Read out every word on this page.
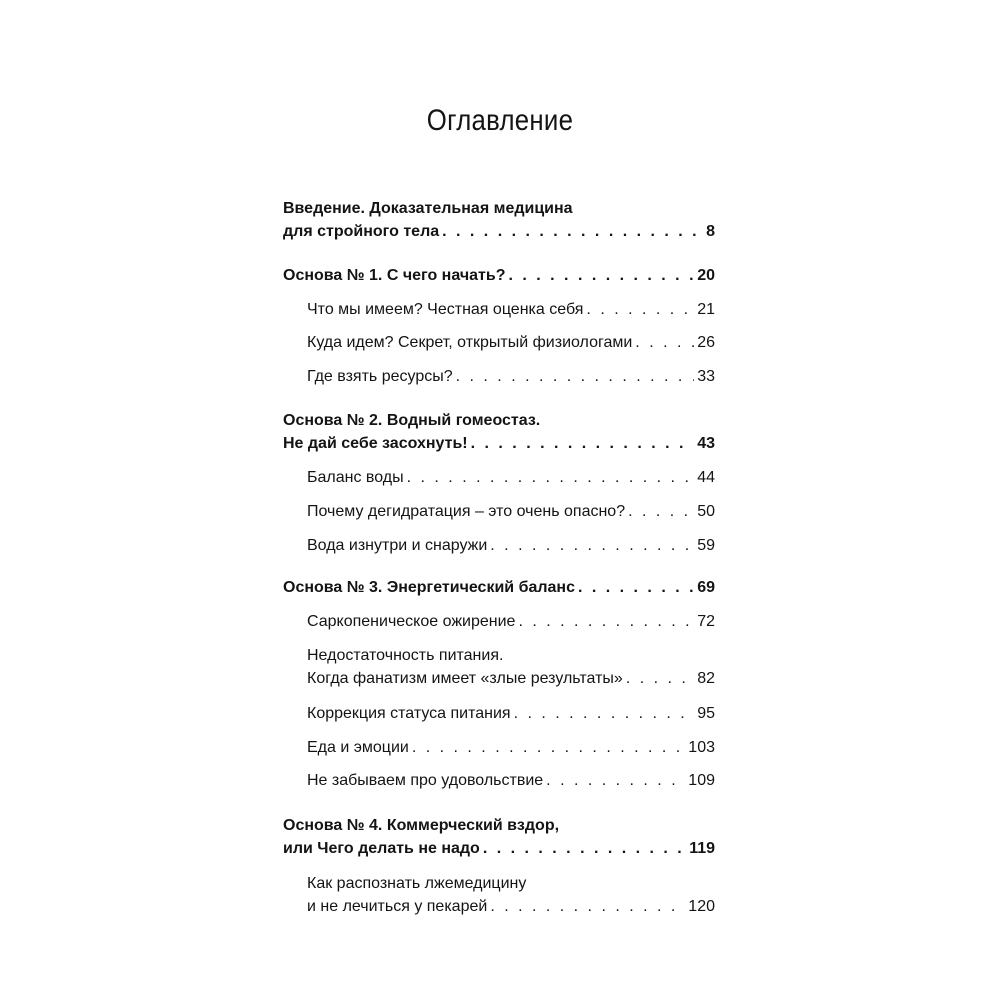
Оглавление
Введение. Доказательная медицина
для стройного тела . . .	8
Основа № 1. С чего начать? . . .	20
Что мы имеем? Честная оценка себя . . .	21
Куда идем? Секрет, открытый физиологами . . .	26
Где взять ресурсы? . . .	33
Основа № 2. Водный гомеостаз.
Не дай себе засохнуть! . . .	43
Баланс воды . . .	44
Почему дегидратация – это очень опасно? . . .	50
Вода изнутри и снаружи . . .	59
Основа № 3. Энергетический баланс . . .	69
Саркопеническое ожирение . . .	72
Недостаточность питания.
Когда фанатизм имеет «злые результаты» . . .	82
Коррекция статуса питания . . .	95
Еда и эмоции . . .	103
Не забываем про удовольствие . . .	109
Основа № 4. Коммерческий вздор,
или Чего делать не надо . . .	119
Как распознать лжемедицину
и не лечиться у пекарей . . .	120
